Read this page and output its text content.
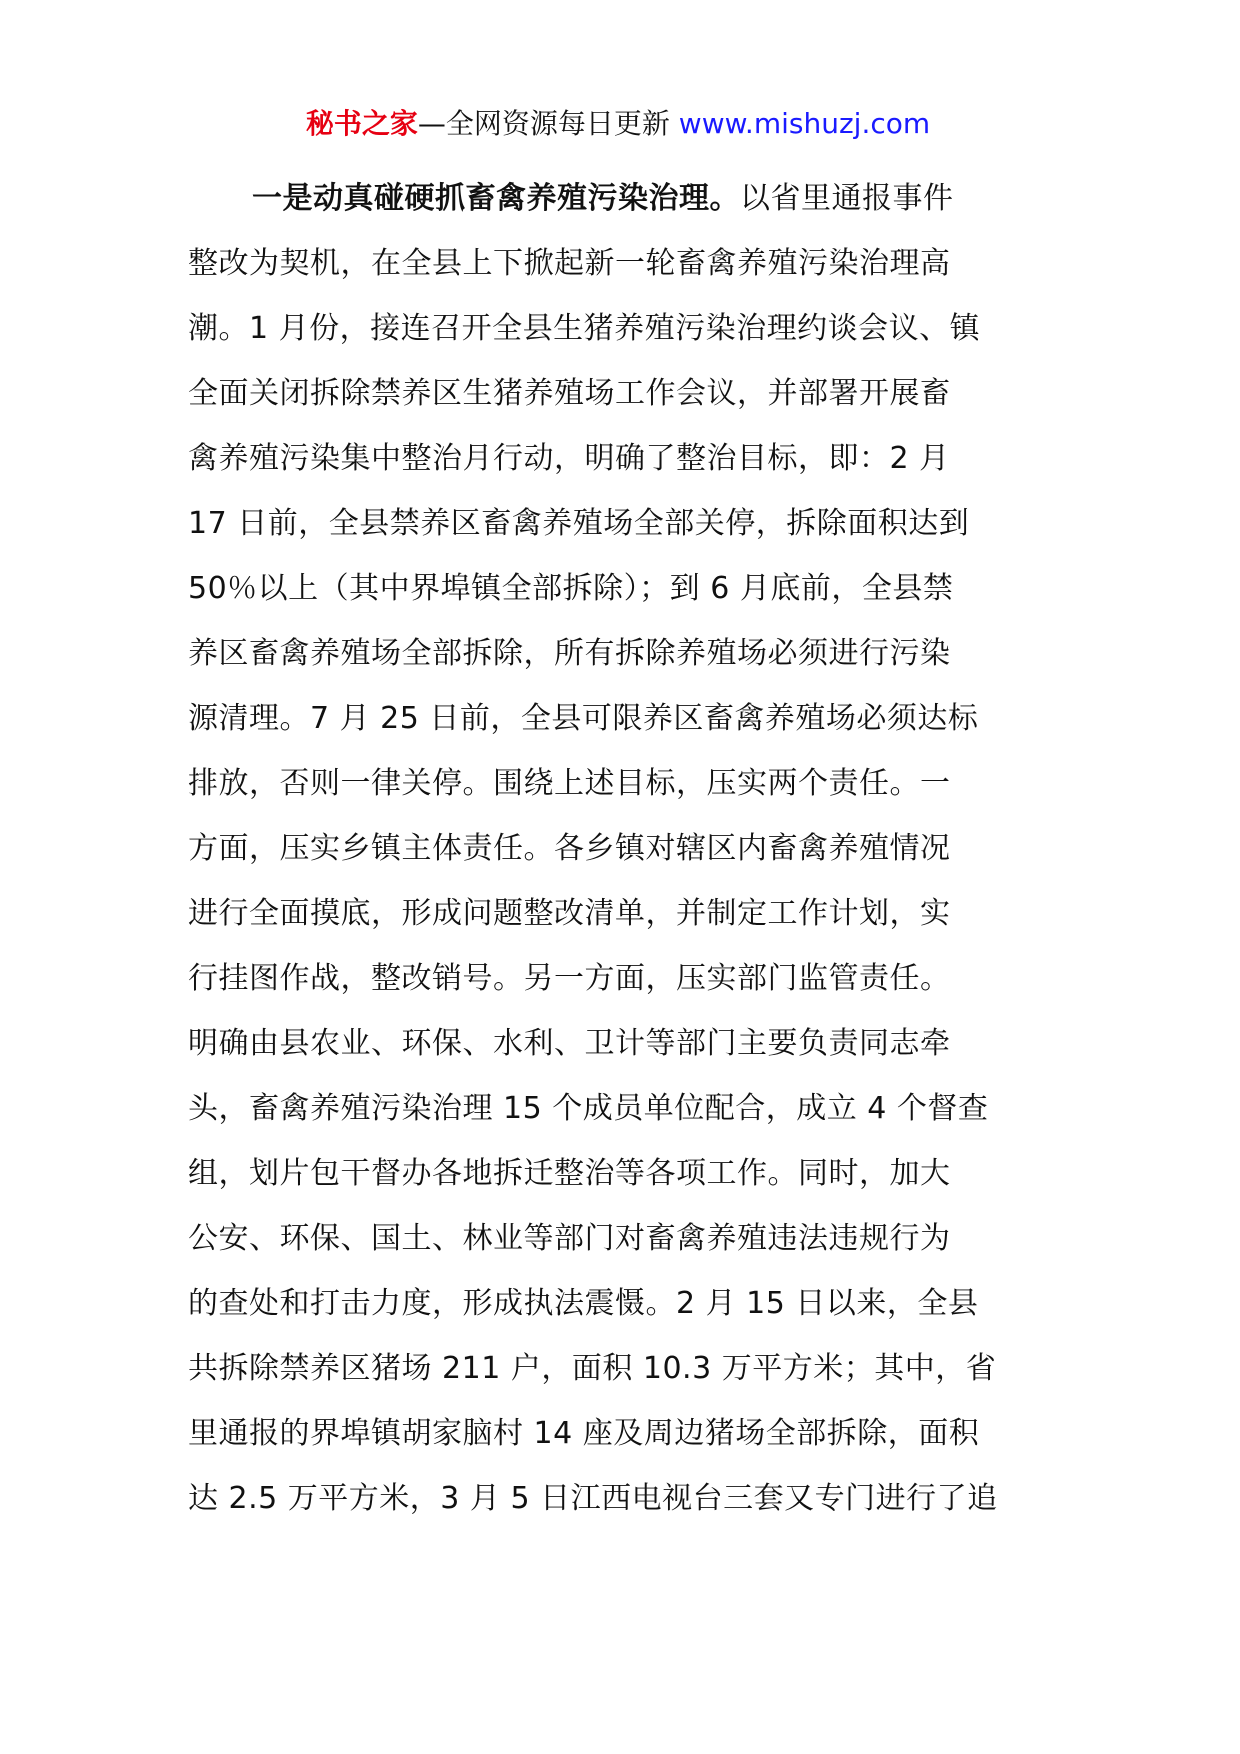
秘书之家—全网资源每日更新 www.mishuzj.com
一是动真碰硬抓畜禽养殖污染治理。以省里通报事件
整改为契机，在全县上下掀起新一轮畜禽养殖污染治理高
潮。1 月份，接连召开全县生猪养殖污染治理约谈会议、镇
全面关闭拆除禁养区生猪养殖场工作会议，并部署开展畜
禽养殖污染集中整治月行动，明确了整治目标，即：2 月
17 日前，全县禁养区畜禽养殖场全部关停，拆除面积达到
50％以上（其中界埠镇全部拆除）；到 6 月底前，全县禁
养区畜禽养殖场全部拆除，所有拆除养殖场必须进行污染
源清理。7 月 25 日前，全县可限养区畜禽养殖场必须达标
排放，否则一律关停。围绕上述目标，压实两个责任。一
方面，压实乡镇主体责任。各乡镇对辖区内畜禽养殖情况
进行全面摸底，形成问题整改清单，并制定工作计划，实
行挂图作战，整改销号。另一方面，压实部门监管责任。
明确由县农业、环保、水利、卫计等部门主要负责同志牵
头，畜禽养殖污染治理 15 个成员单位配合，成立 4 个督查
组，划片包干督办各地拆迁整治等各项工作。同时，加大
公安、环保、国土、林业等部门对畜禽养殖违法违规行为
的查处和打击力度，形成执法震慑。2 月 15 日以来，全县
共拆除禁养区猪场 211 户，面积 10.3 万平方米；其中，省
里通报的界埠镇胡家脑村 14 座及周边猪场全部拆除，面积
达 2.5 万平方米，3 月 5 日江西电视台三套又专门进行了追
